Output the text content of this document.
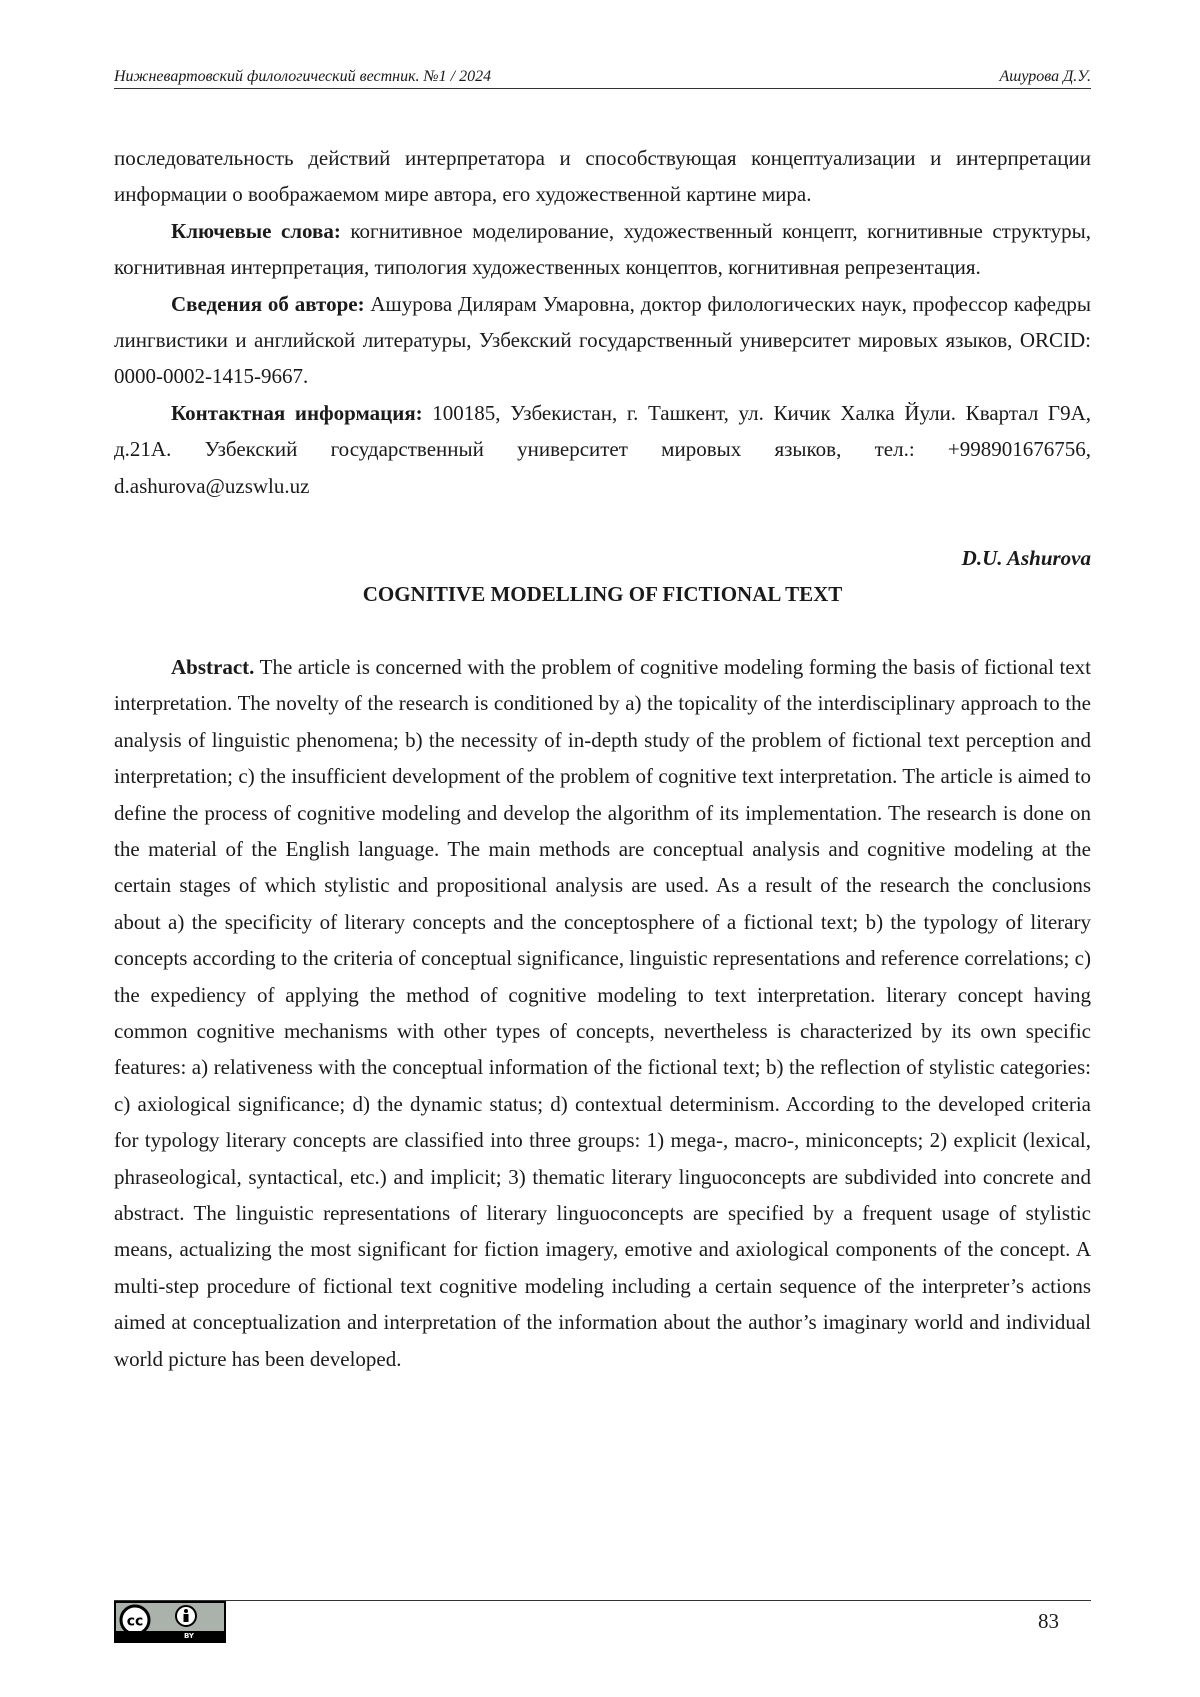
Нижневартовский филологический вестник. №1 / 2024	Ашурова Д.У.

последовательность действий интерпретатора и способствующая концептуализации и интерпретации информации о воображаемом мире автора, его художественной картине мира.

Ключевые слова: когнитивное моделирование, художественный концепт, когнитивные структуры, когнитивная интерпретация, типология художественных концептов, когнитивная репрезентация.

Сведения об авторе: Ашурова Дилярам Умаровна, доктор филологических наук, профессор кафедры лингвистики и английской литературы, Узбекский государственный университет мировых языков, ORCID: 0000-0002-1415-9667.

Контактная информация: 100185, Узбекистан, г. Ташкент, ул. Кичик Халка Йули. Квартал Г9А, д.21А. Узбекский государственный университет мировых языков, тел.: +998901676756, d.ashurova@uzswlu.uz

D.U. Ashurova

COGNITIVE MODELLING OF FICTIONAL TEXT

Abstract. The article is concerned with the problem of cognitive modeling forming the basis of fictional text interpretation. The novelty of the research is conditioned by a) the topicality of the interdisciplinary approach to the analysis of linguistic phenomena; b) the necessity of in-depth study of the problem of fictional text perception and interpretation; c) the insufficient development of the problem of cognitive text interpretation. The article is aimed to define the process of cognitive modeling and develop the algorithm of its implementation. The research is done on the material of the English language. The main methods are conceptual analysis and cognitive modeling at the certain stages of which stylistic and propositional analysis are used. As a result of the research the conclusions about a) the specificity of literary concepts and the conceptosphere of a fictional text; b) the typology of literary concepts according to the criteria of conceptual significance, linguistic representations and reference correlations; c) the expediency of applying the method of cognitive modeling to text interpretation. literary concept having common cognitive mechanisms with other types of concepts, nevertheless is characterized by its own specific features: a) relativeness with the conceptual information of the fictional text; b) the reflection of stylistic categories: c) axiological significance; d) the dynamic status; d) contextual determinism. According to the developed criteria for typology literary concepts are classified into three groups: 1) mega-, macro-, miniconcepts; 2) explicit (lexical, phraseological, syntactical, etc.) and implicit; 3) thematic literary linguoconcepts are subdivided into concrete and abstract. The linguistic representations of literary linguoconcepts are specified by a frequent usage of stylistic means, actualizing the most significant for fiction imagery, emotive and axiological components of the concept. A multi-step procedure of fictional text cognitive modeling including a certain sequence of the interpreter’s actions aimed at conceptualization and interpretation of the information about the author’s imaginary world and individual world picture has been developed.

cc
BY
83
